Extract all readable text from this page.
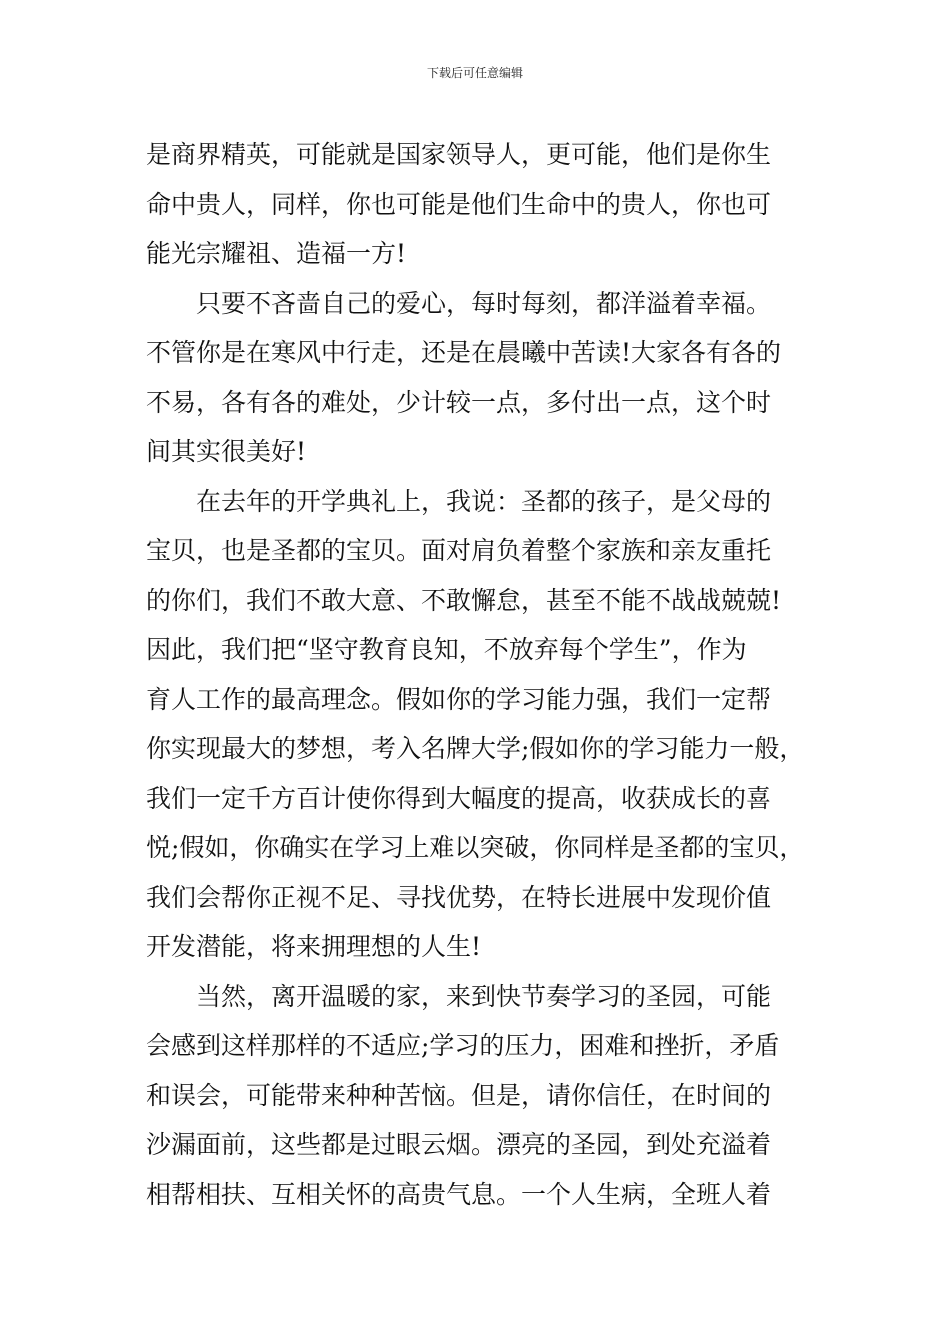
下载后可任意编辑
是商界精英，可能就是国家领导人，更可能，他们是你生
命中贵人，同样，你也可能是他们生命中的贵人，你也可
能光宗耀祖、造福一方!
只要不吝啬自己的爱心，每时每刻，都洋溢着幸福。
不管你是在寒风中行走，还是在晨曦中苦读!大家各有各的
不易，各有各的难处，少计较一点，多付出一点，这个时
间其实很美好!
在去年的开学典礼上，我说：圣都的孩子，是父母的
宝贝，也是圣都的宝贝。面对肩负着整个家族和亲友重托
的你们，我们不敢大意、不敢懈怠，甚至不能不战战兢兢!
因此，我们把“坚守教育良知，不放弃每个学生”，作为
育人工作的最高理念。假如你的学习能力强，我们一定帮
你实现最大的梦想，考入名牌大学;假如你的学习能力一般，
我们一定千方百计使你得到大幅度的提高，收获成长的喜
悦;假如，你确实在学习上难以突破，你同样是圣都的宝贝，
我们会帮你正视不足、寻找优势，在特长进展中发现价值
开发潜能，将来拥理想的人生!
当然，离开温暖的家，来到快节奏学习的圣园，可能
会感到这样那样的不适应;学习的压力，困难和挫折，矛盾
和误会，可能带来种种苦恼。但是，请你信任，在时间的
沙漏面前，这些都是过眼云烟。漂亮的圣园，到处充溢着
相帮相扶、互相关怀的高贵气息。一个人生病，全班人着
